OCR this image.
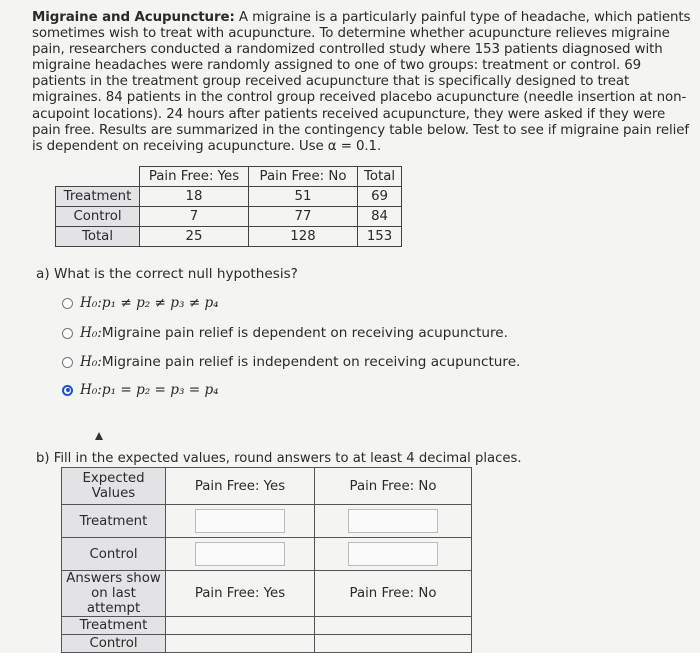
Migraine and Acupuncture: A migraine is a particularly painful type of headache, which patients sometimes wish to treat with acupuncture. To determine whether acupuncture relieves migraine pain, researchers conducted a randomized controlled study where 153 patients diagnosed with migraine headaches were randomly assigned to one of two groups: treatment or control. 69 patients in the treatment group received acupuncture that is specifically designed to treat migraines. 84 patients in the control group received placebo acupuncture (needle insertion at non-acupoint locations). 24 hours after patients received acupuncture, they were asked if they were pain free. Results are summarized in the contingency table below. Test to see if migraine pain relief is dependent on receiving acupuncture. Use α = 0.1.
	Pain Free: Yes	Pain Free: No	Total
Treatment	18	51	69
Control	7	77	84
Total	25	128	153
a) What is the correct null hypothesis?
H₀: p₁ ≠ p₂ ≠ p₃ ≠ p₄
H₀: Migraine pain relief is dependent on receiving acupuncture.
H₀: Migraine pain relief is independent on receiving acupuncture.
H₀: p₁ = p₂ = p₃ = p₄
b) Fill in the expected values, round answers to at least 4 decimal places.
Expected Values	Pain Free: Yes	Pain Free: No
Treatment	

Control	

Answers show on last attempt	Pain Free: Yes	Pain Free: No
Treatment		
Control		
